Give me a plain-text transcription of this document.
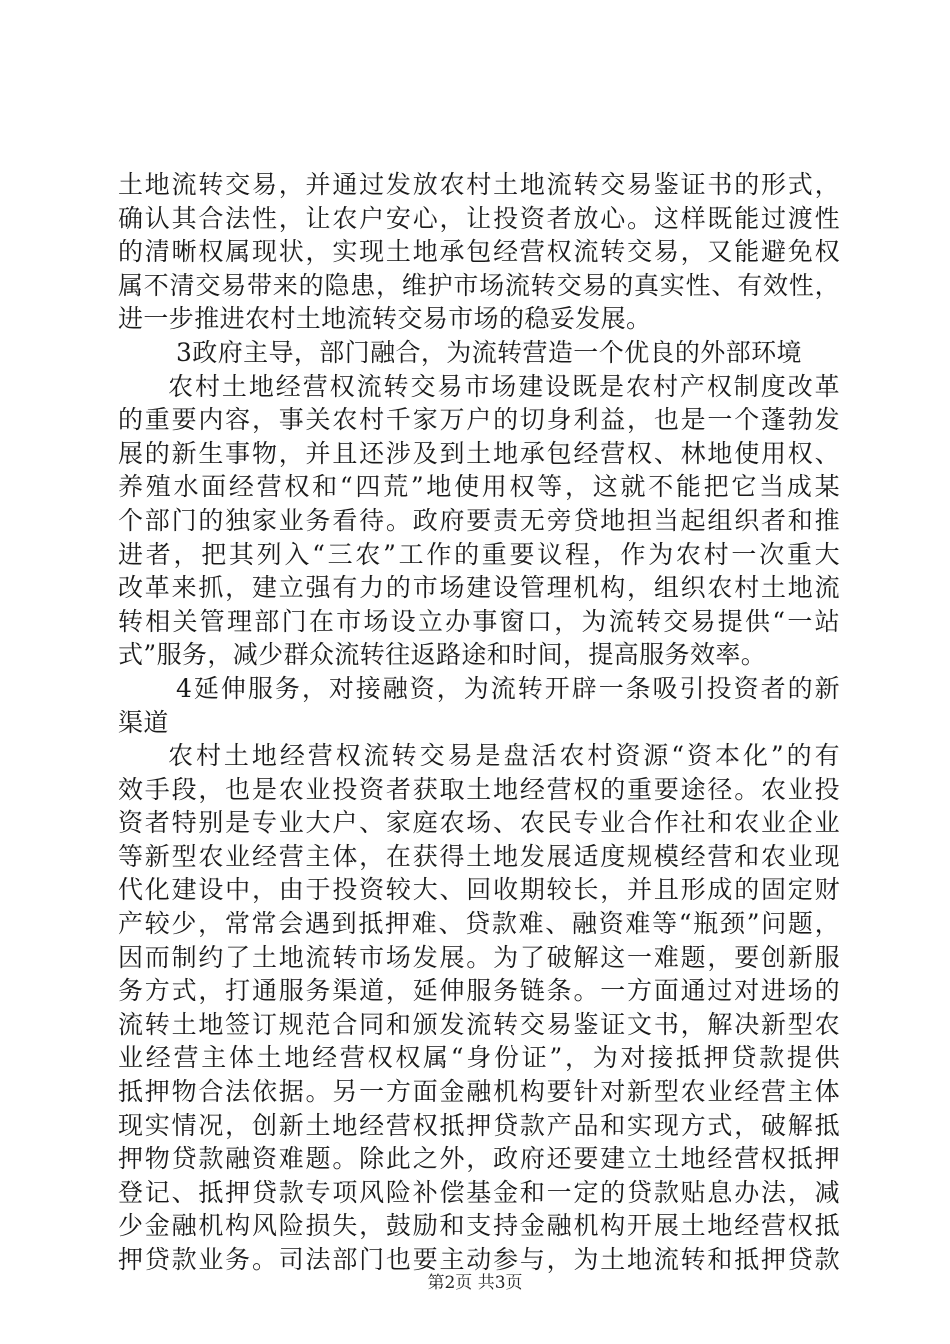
土地流转交易，并通过发放农村土地流转交易鉴证书的形式，
确认其合法性，让农户安心，让投资者放心。这样既能过渡性
的清晰权属现状，实现土地承包经营权流转交易，又能避免权
属不清交易带来的隐患，维护市场流转交易的真实性、有效性，
进一步推进农村土地流转交易市场的稳妥发展。
3政府主导，部门融合，为流转营造一个优良的外部环境
农村土地经营权流转交易市场建设既是农村产权制度改革
的重要内容，事关农村千家万户的切身利益，也是一个蓬勃发
展的新生事物，并且还涉及到土地承包经营权、林地使用权、
养殖水面经营权和“四荒”地使用权等，这就不能把它当成某
个部门的独家业务看待。政府要责无旁贷地担当起组织者和推
进者，把其列入“三农”工作的重要议程，作为农村一次重大
改革来抓，建立强有力的市场建设管理机构，组织农村土地流
转相关管理部门在市场设立办事窗口，为流转交易提供“一站
式”服务，减少群众流转往返路途和时间，提高服务效率。
4延伸服务，对接融资，为流转开辟一条吸引投资者的新
渠道
农村土地经营权流转交易是盘活农村资源“资本化”的有
效手段，也是农业投资者获取土地经营权的重要途径。农业投
资者特别是专业大户、家庭农场、农民专业合作社和农业企业
等新型农业经营主体，在获得土地发展适度规模经营和农业现
代化建设中，由于投资较大、回收期较长，并且形成的固定财
产较少，常常会遇到抵押难、贷款难、融资难等“瓶颈”问题，
因而制约了土地流转市场发展。为了破解这一难题，要创新服
务方式，打通服务渠道，延伸服务链条。一方面通过对进场的
流转土地签订规范合同和颁发流转交易鉴证文书，解决新型农
业经营主体土地经营权权属“身份证”，为对接抵押贷款提供
抵押物合法依据。另一方面金融机构要针对新型农业经营主体
现实情况，创新土地经营权抵押贷款产品和实现方式，破解抵
押物贷款融资难题。除此之外，政府还要建立土地经营权抵押
登记、抵押贷款专项风险补偿基金和一定的贷款贴息办法，减
少金融机构风险损失，鼓励和支持金融机构开展土地经营权抵
押贷款业务。司法部门也要主动参与，为土地流转和抵押贷款
第2页 共3页
